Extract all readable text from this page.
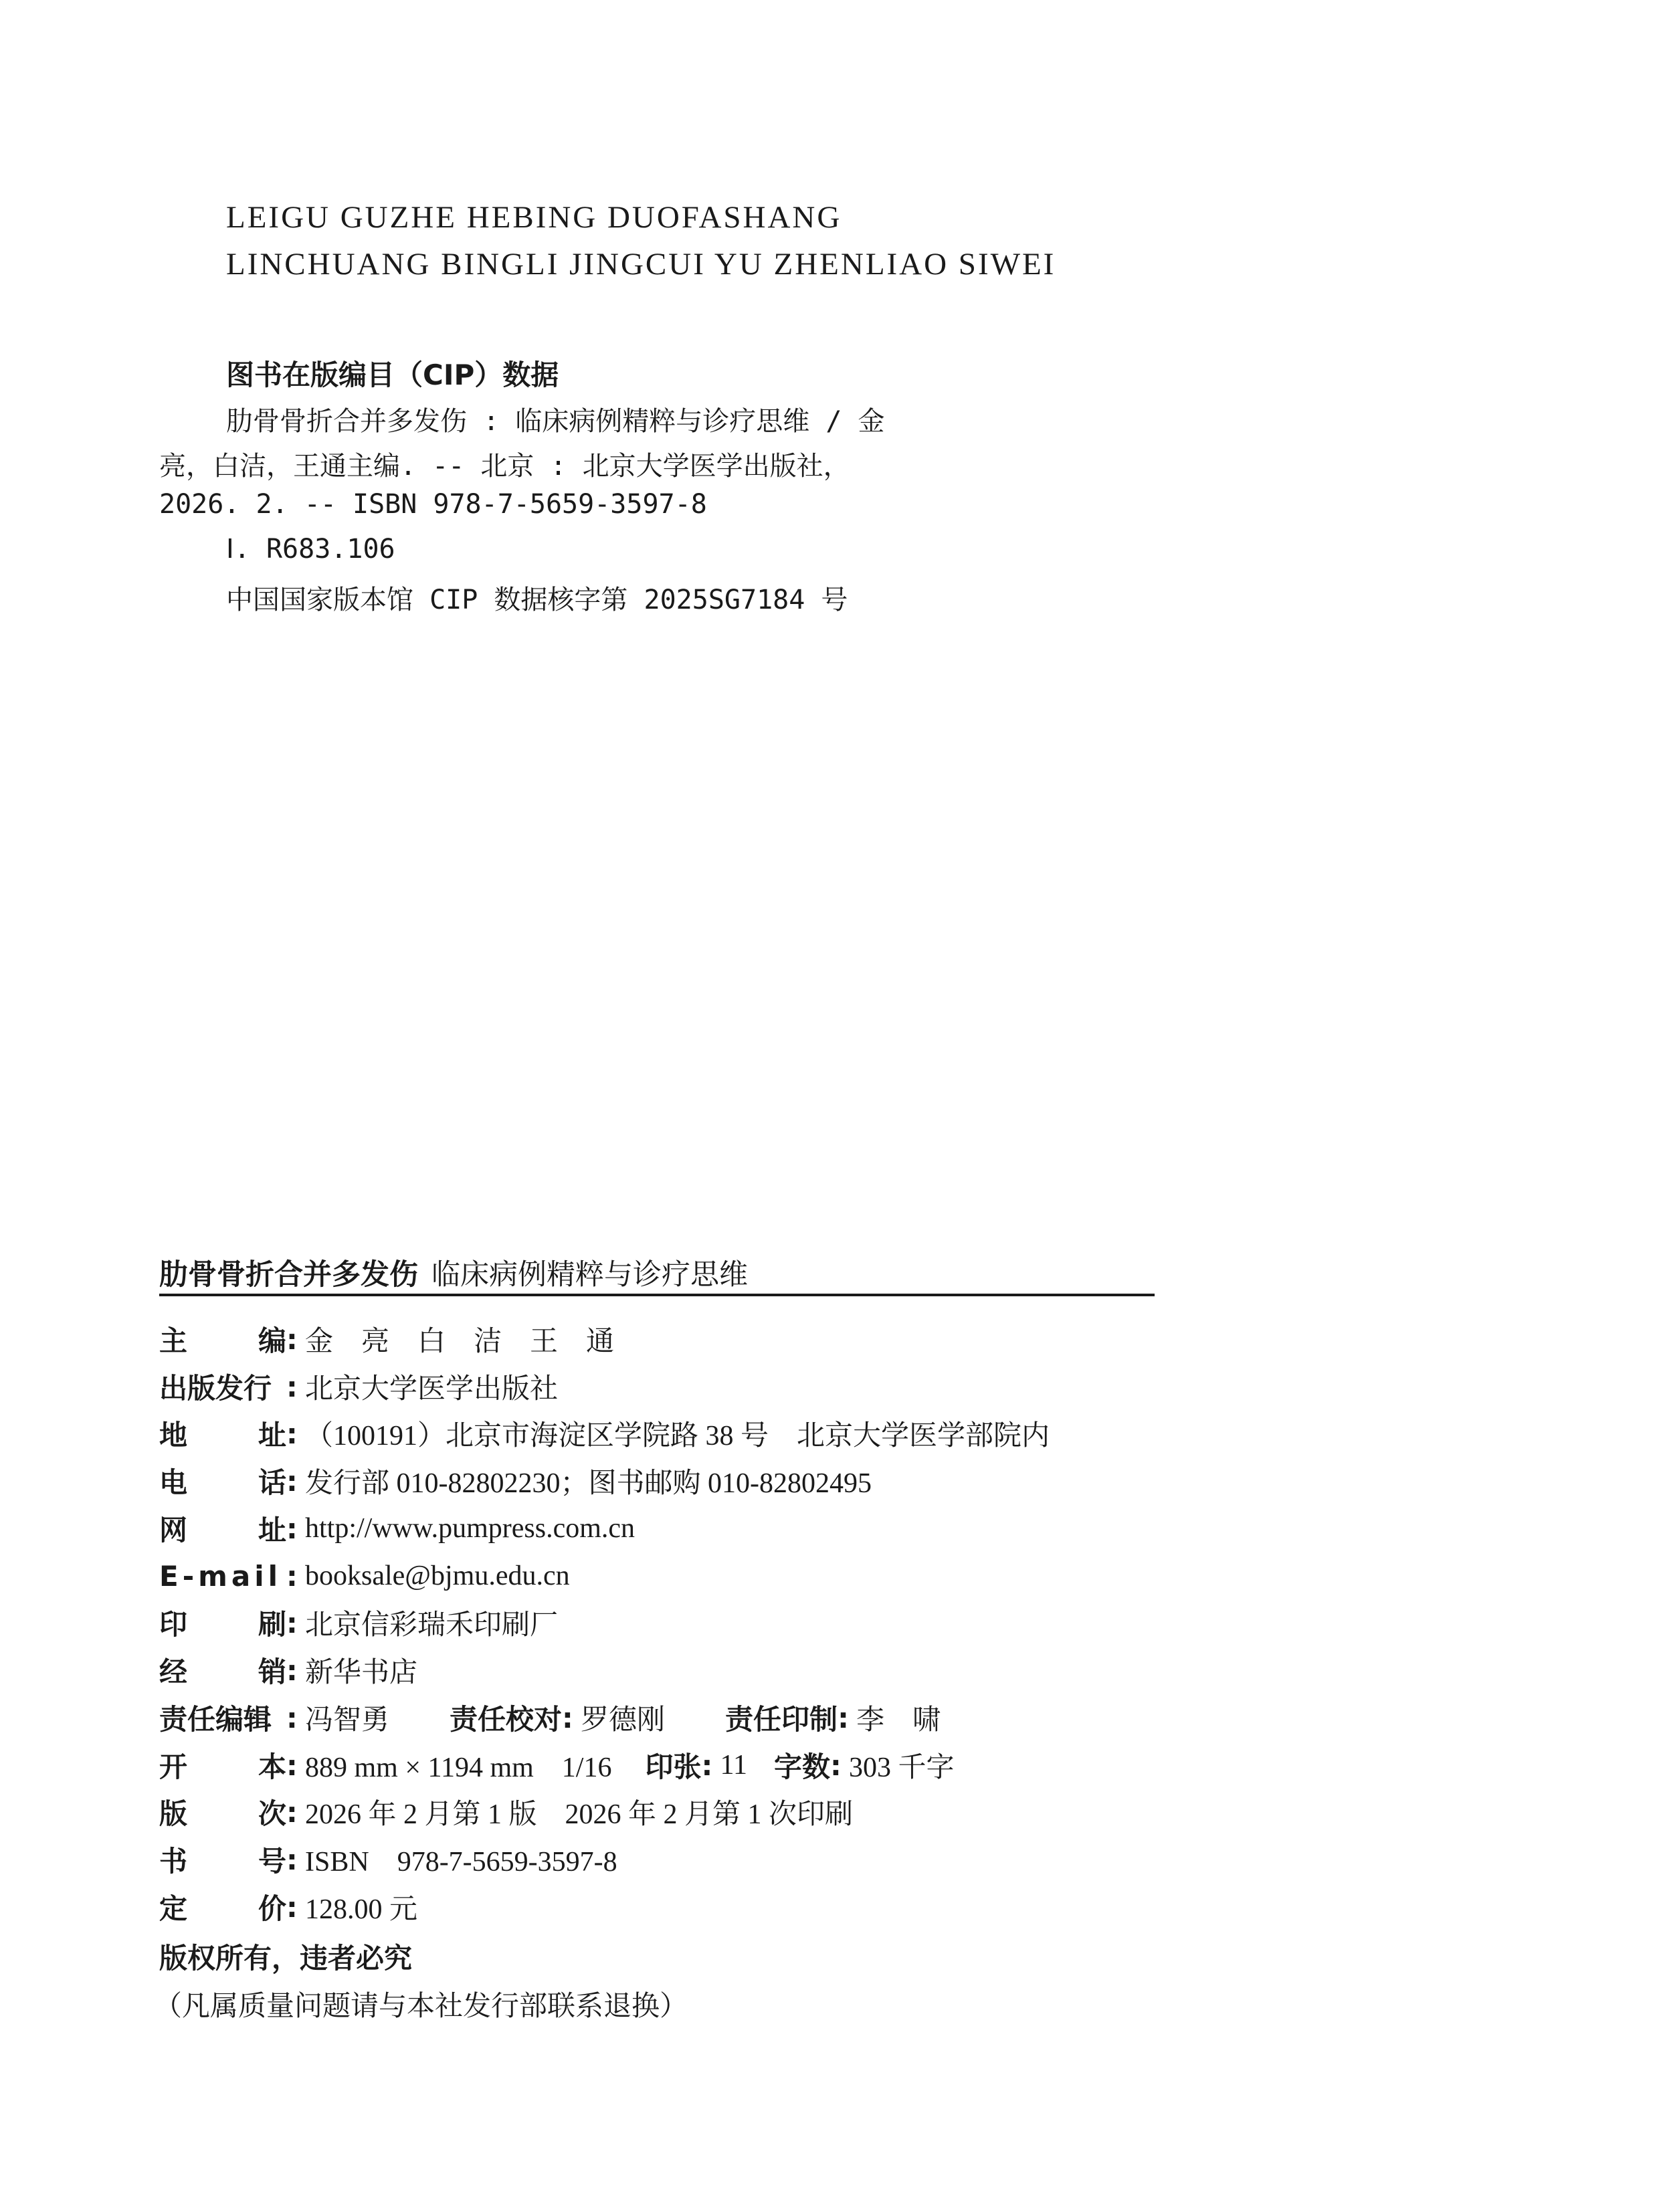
LEIGU GUZHE HEBING DUOFASHANG
LINCHUANG BINGLI JINGCUI YU ZHENLIAO SIWEI
图书在版编目（CIP）数据
肋骨骨折合并多发伤 : 临床病例精粹与诊疗思维 / 金
亮，白洁，王通主编. -- 北京 : 北京大学医学出版社，
2026. 2. -- ISBN 978-7-5659-3597-8
Ⅰ. R683.106
中国国家版本馆 CIP 数据核字第 2025SG7184 号
肋骨骨折合并多发伤 临床病例精粹与诊疗思维
主	编 : 金　亮　白　洁　王　通
出版发行 : 北京大学医学出版社
地	址 : （100191）北京市海淀区学院路 38 号　北京大学医学部院内
电	话 : 发行部 010-82802230；图书邮购 010-82802495
网	址 : http://www.pumpress.com.cn
E-mail : booksale@bjmu.edu.cn
印	刷 : 北京信彩瑞禾印刷厂
经	销 : 新华书店
责任编辑 : 冯智勇 责任校对 : 罗德刚 责任印制 : 李　啸
开	本 : 889 mm × 1194 mm　1/16 印张 : 11 字数 : 303 千字
版	次 : 2026 年 2 月第 1 版　2026 年 2 月第 1 次印刷
书	号 : ISBN　978-7-5659-3597-8
定	价 : 128.00 元
版权所有，违者必究
（凡属质量问题请与本社发行部联系退换）
